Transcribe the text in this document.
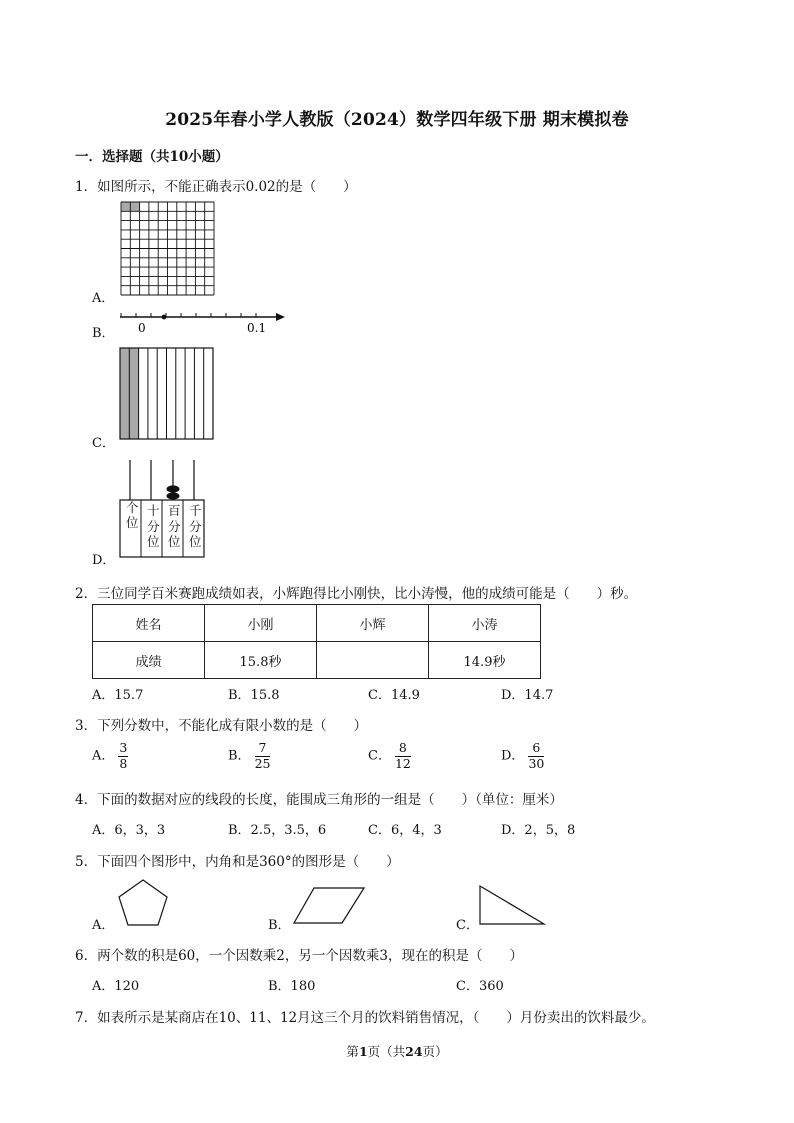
2025年春小学人教版（2024）数学四年级下册 期末模拟卷
一．选择题（共10小题）
1．如图所示，不能正确表示0.02的是（　　）
A．
0	0.1
B．
C．
个位
十分位
百分位
千分位
D．
2．三位同学百米赛跑成绩如表，小辉跑得比小刚快，比小涛慢，他的成绩可能是（　　）秒。
姓名	小刚	小辉	小涛
成绩	15.8秒		14.9秒
A．15.7	B．15.8	C．14.9	D．14.7
3．下列分数中，不能化成有限小数的是（　　）
A． $\frac{3}{8}$	B． $\frac{7}{25}$	C． $\frac{8}{12}$	D． $\frac{6}{30}$
4．下面的数据对应的线段的长度，能围成三角形的一组是（　　）（单位：厘米）
A．6，3，3	B．2.5，3.5，6	C．6，4，3	D．2，5，8
5．下面四个图形中，内角和是360°的图形是（　　）
A．	B．	C．
6．两个数的积是60，一个因数乘2，另一个因数乘3，现在的积是（　　）
A．120	B．180	C．360
7．如表所示是某商店在10、11、12月这三个月的饮料销售情况，（　　）月份卖出的饮料最少。
第1页（共24页）
